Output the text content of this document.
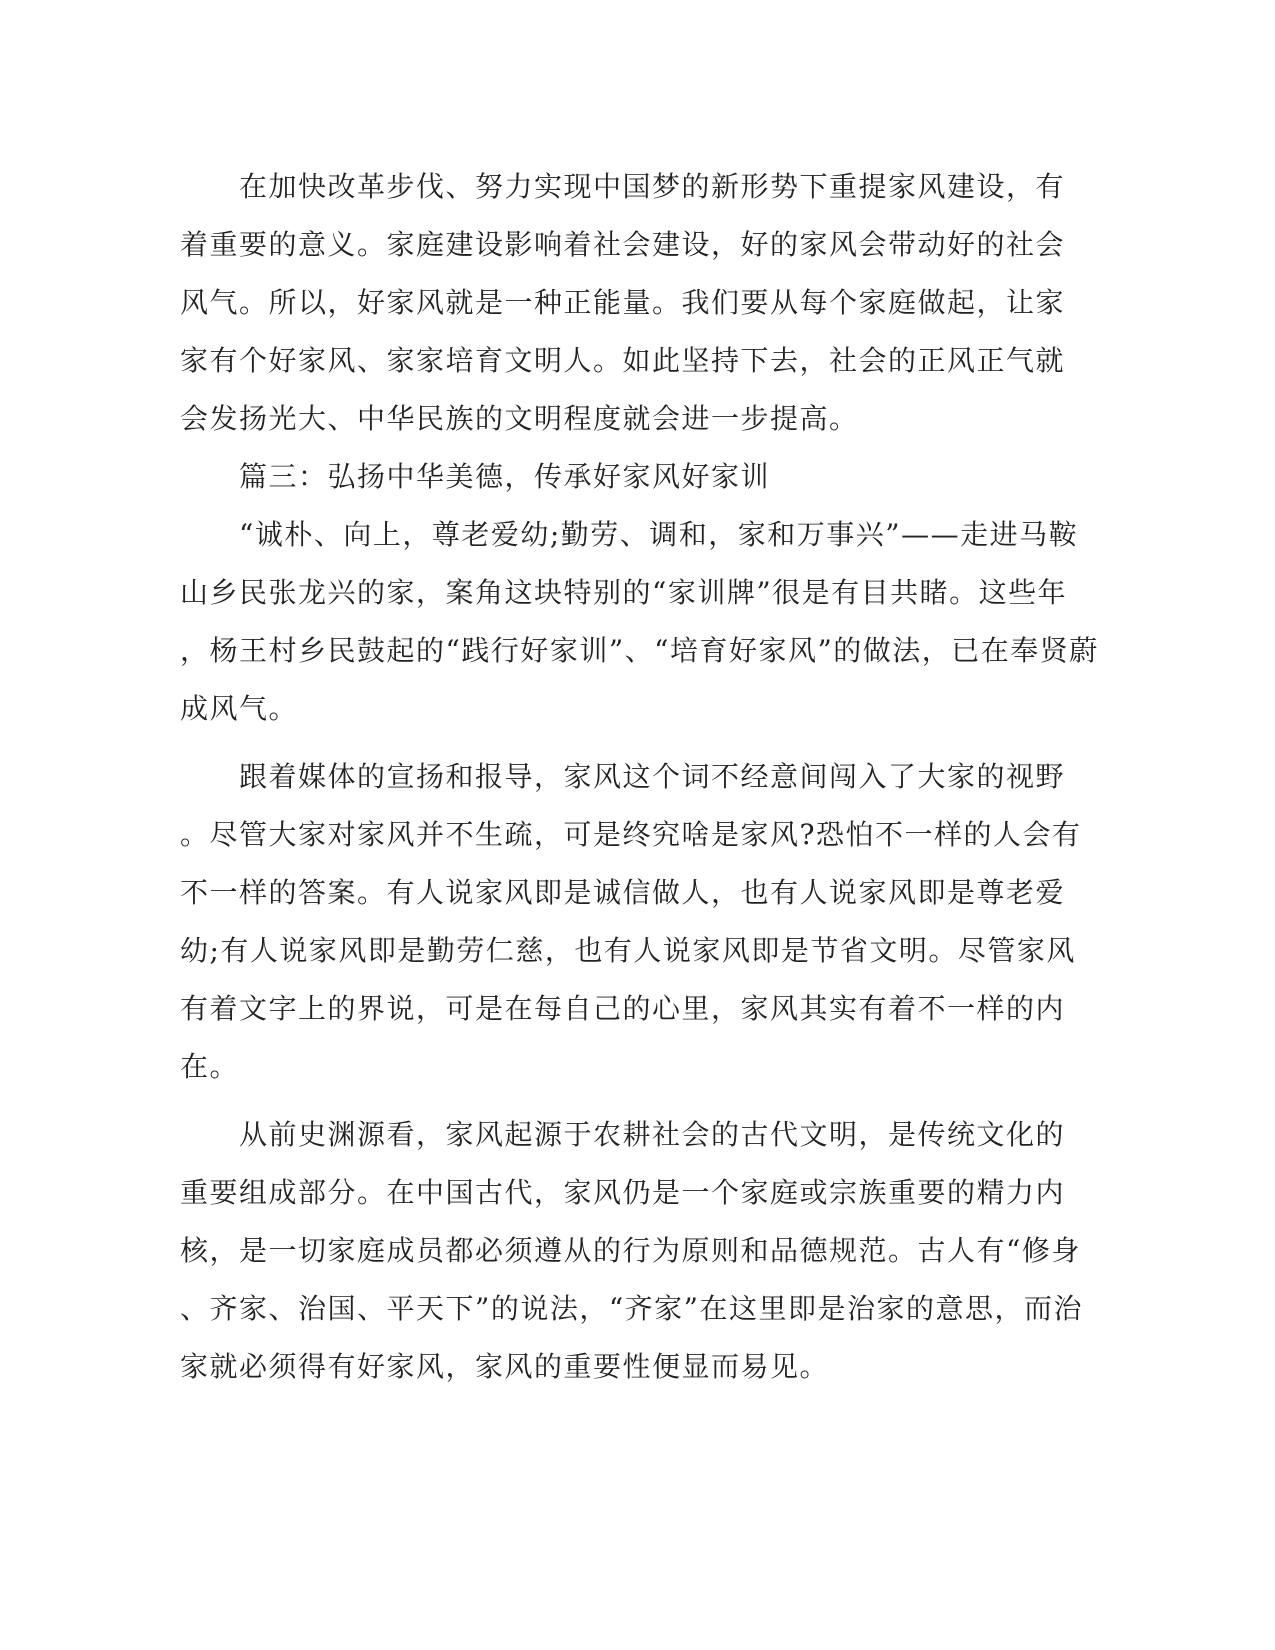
　　在加快改革步伐、努力实现中国梦的新形势下重提家风建设，有
着重要的意义。家庭建设影响着社会建设，好的家风会带动好的社会
风气。所以，好家风就是一种正能量。我们要从每个家庭做起，让家
家有个好家风、家家培育文明人。如此坚持下去，社会的正风正气就
会发扬光大、中华民族的文明程度就会进一步提高。
　　篇三：弘扬中华美德，传承好家风好家训
　　“诚朴、向上，尊老爱幼;勤劳、调和，家和万事兴”——走进马鞍
山乡民张龙兴的家，案角这块特别的“家训牌”很是有目共睹。这些年
，杨王村乡民鼓起的“践行好家训”、“培育好家风”的做法，已在奉贤蔚
成风气。
　　跟着媒体的宣扬和报导，家风这个词不经意间闯入了大家的视野
。尽管大家对家风并不生疏，可是终究啥是家风?恐怕不一样的人会有
不一样的答案。有人说家风即是诚信做人，也有人说家风即是尊老爱
幼;有人说家风即是勤劳仁慈，也有人说家风即是节省文明。尽管家风
有着文字上的界说，可是在每自己的心里，家风其实有着不一样的内
在。
　　从前史渊源看，家风起源于农耕社会的古代文明，是传统文化的
重要组成部分。在中国古代，家风仍是一个家庭或宗族重要的精力内
核，是一切家庭成员都必须遵从的行为原则和品德规范。古人有“修身
、齐家、治国、平天下”的说法，“齐家”在这里即是治家的意思，而治
家就必须得有好家风，家风的重要性便显而易见。
